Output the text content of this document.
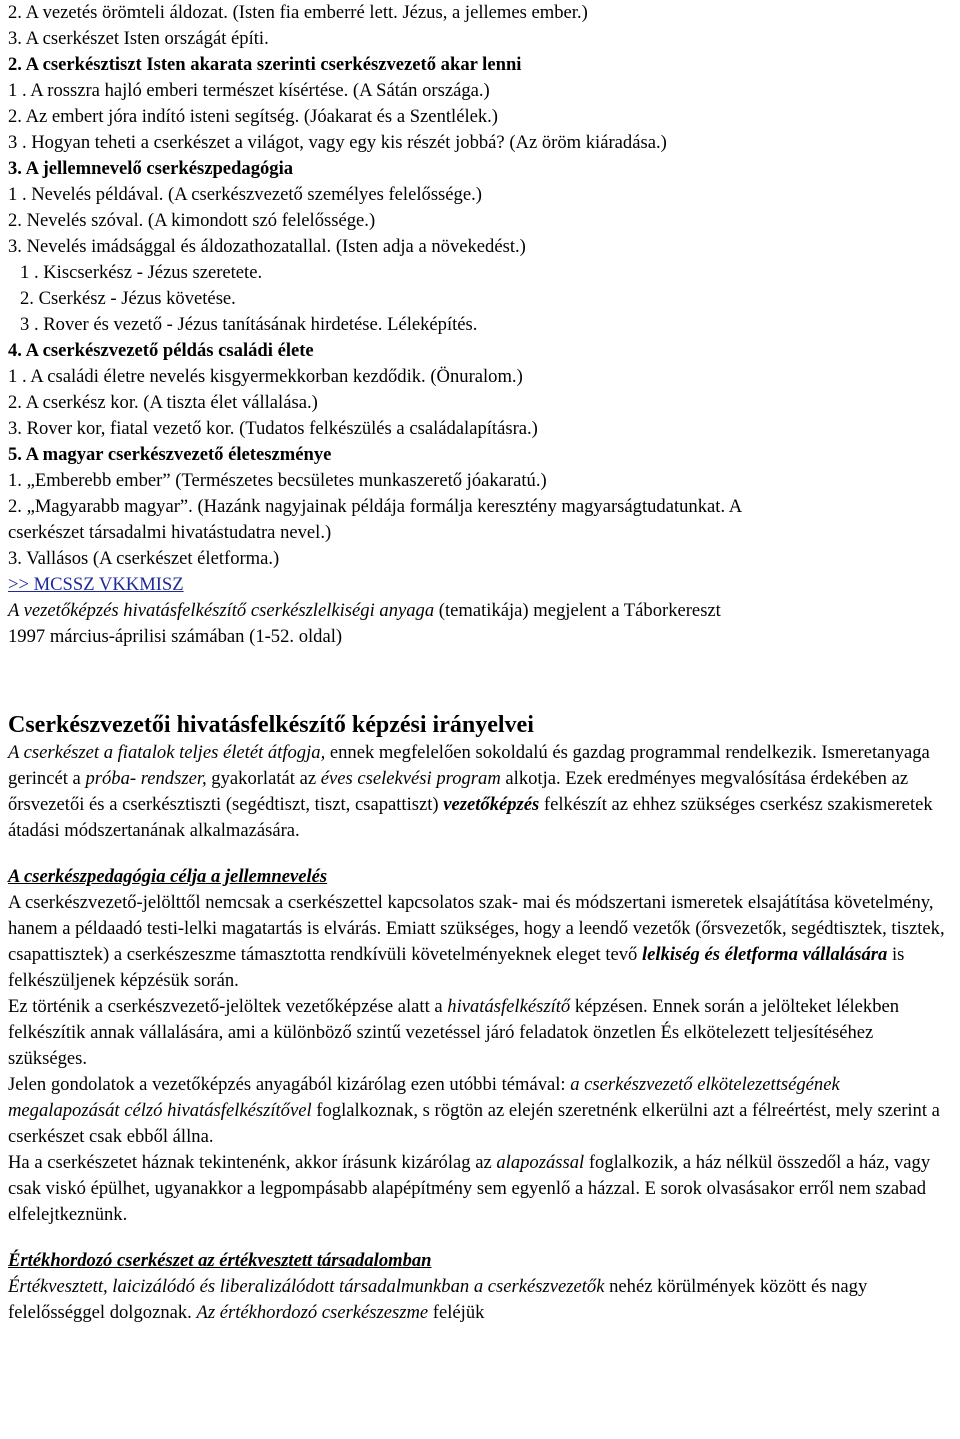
2. A vezetés örömteli áldozat. (Isten fia emberré lett. Jézus, a jellemes ember.)
3. A cserkészet Isten országát építi.
2. A cserkésztiszt Isten akarata szerinti cserkészvezető akar lenni
1 . A rosszra hajló emberi természet kísértése. (A Sátán országa.)
2. Az embert jóra indító isteni segítség. (Jóakarat és a Szentlélek.)
3 . Hogyan teheti a cserkészet a világot, vagy egy kis részét jobbá? (Az öröm kiáradása.)
3. A jellemnevelő cserkészpedagógia
1 . Nevelés példával. (A cserkészvezető személyes felelőssége.)
2. Nevelés szóval. (A kimondott szó felelőssége.)
3. Nevelés imádsággal és áldozathozatallal. (Isten adja a növekedést.)
1 . Kiscserkész - Jézus szeretete.
2. Cserkész - Jézus követése.
3 . Rover és vezető - Jézus tanításának hirdetése. Léleképítés.
4. A cserkészvezető példás családi élete
1 . A családi életre nevelés kisgyermekkorban kezdődik. (Önuralom.)
2. A cserkész kor. (A tiszta élet vállalása.)
3. Rover kor, fiatal vezető kor. (Tudatos felkészülés a családalapításra.)
5. A magyar cserkészvezető életeszménye
1. „Emberebb ember” (Természetes becsületes munkaszerető jóakaratú.)
2. „Magyarabb magyar”. (Hazánk nagyjainak példája formálja keresztény magyarságtudatunkat. A
cserkészet társadalmi hivatástudatra nevel.)
3. Vallásos (A cserkészet életforma.)
>> MCSSZ VKKMISZ

A vezetőképzés hivatásfelkészítő cserkészlelkiségi anyaga (tematikája) megjelent a Táborkereszt
1997 március-áprilisi számában (1-52. oldal)

Cserkészvezetői hivatásfelkészítő képzési irányelvei

A cserkészet a fiatalok teljes életét átfogja, ennek megfelelően sokoldalú és gazdag programmal rendelkezik. Ismeretanyaga gerincét a próba- rendszer, gyakorlatát az éves cselekvési program alkotja. Ezek eredményes megvalósítása érdekében az őrsvezetői és a cserkésztiszti (segédtiszt, tiszt, csapattiszt) vezetőképzés felkészít az ehhez szükséges cserkész szakismeretek átadási módszertanának alkalmazására.

A cserkészpedagógia célja a jellemnevelés

A cserkészvezető-jelölttől nemcsak a cserkészettel kapcsolatos szak- mai és módszertani ismeretek elsajátítása követelmény, hanem a példaadó testi-lelki magatartás is elvárás. Emiatt szükséges, hogy a leendő vezetők (őrsvezetők, segédtisztek, tisztek, csapattisztek) a cserkészeszme támasztotta rendkívüli követelményeknek eleget tevő lelkiség és életforma vállalására is felkészüljenek képzésük során.

Ez történik a cserkészvezető-jelöltek vezetőképzése alatt a hivatásfelkészítő képzésen. Ennek során a jelölteket lélekben felkészítik annak vállalására, ami a különböző szintű vezetéssel járó feladatok önzetlen És elkötelezett teljesítéséhez szükséges.

Jelen gondolatok a vezetőképzés anyagából kizárólag ezen utóbbi témával: a cserkészvezető elkötelezettségének megalapozását célzó hivatásfelkészítővel foglalkoznak, s rögtön az elején szeretnénk elkerülni azt a félreértést, mely szerint a cserkészet csak ebből állna.

Ha a cserkészetet háznak tekintenénk, akkor írásunk kizárólag az alapozással foglalkozik, a ház nélkül összedől a ház, vagy csak viskó épülhet, ugyanakkor a legpompásabb alapépítmény sem egyenlő a házzal. E sorok olvasásakor erről nem szabad elfelejtkeznünk.

Értékhordozó cserkészet az értékvesztett társadalomban

Értékvesztett, laicizálódó és liberalizálódott társadalmunkban a cserkészvezetők nehéz körülmények között és nagy felelősséggel dolgoznak. Az értékhordozó cserkészeszme feléjük
